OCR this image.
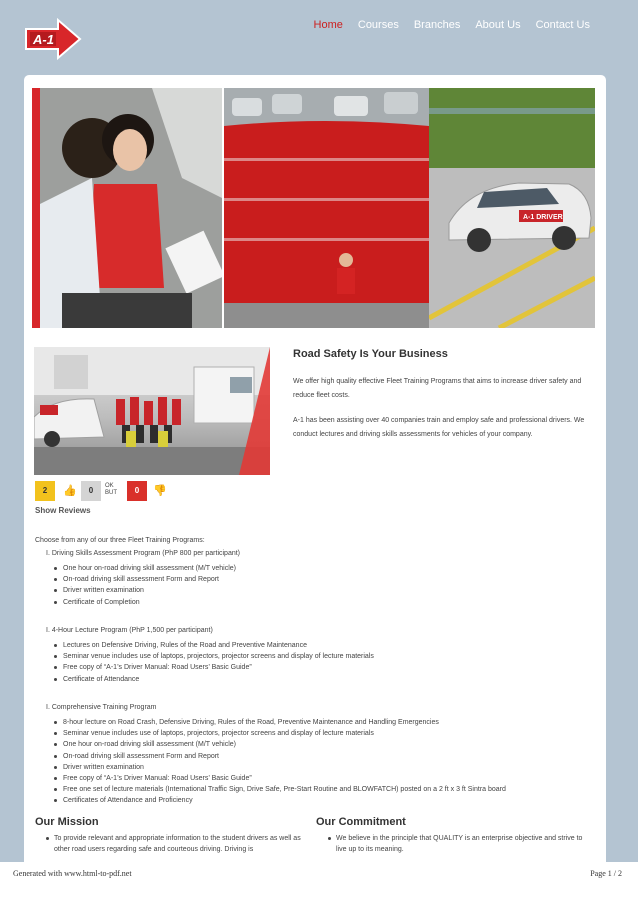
A-1
Home Courses Branches About Us Contact Us
A-1 DRIVER
Road Safety Is Your Business

We offer high quality effective Fleet Training Programs that aims to increase driver safety and reduce fleet costs.

A-1 has been assisting over 40 companies train and employ safe and professional drivers. We conduct lectures and driving skills assessments for vehicles of your company.

2	👍	0	OK BUT	0	👎
Show Reviews

Choose from any of our three Fleet Training Programs:

I. Driving Skills Assessment Program (PhP 800 per participant)

One hour on-road driving skill assessment (M/T vehicle)
On-road driving skill assessment Form and Report
Driver written examination
Certificate of Completion

I. 4-Hour Lecture Program (PhP 1,500 per participant)

Lectures on Defensive Driving, Rules of the Road and Preventive Maintenance
Seminar venue includes use of laptops, projectors, projector screens and display of lecture materials
Free copy of “A-1’s Driver Manual: Road Users’ Basic Guide”
Certificate of Attendance

I. Comprehensive Training Program

8-hour lecture on Road Crash, Defensive Driving, Rules of the Road, Preventive Maintenance and Handling Emergencies
Seminar venue includes use of laptops, projectors, projector screens and display of lecture materials
One hour on-road driving skill assessment (M/T vehicle)
On-road driving skill assessment Form and Report
Driver written examination
Free copy of “A-1’s Driver Manual: Road Users’ Basic Guide”
Free one set of lecture materials (International Traffic Sign, Drive Safe, Pre-Start Routine and BLOWFATCH) posted on a 2 ft x 3 ft Sintra board
Certificates of Attendance and Proficiency
Our Mission

To provide relevant and appropriate information to the student drivers as well as other road users regarding safe and courteous driving. Driving is

Our Commitment

We believe in the principle that QUALITY is an enterprise objective and strive to live up to its meaning.

Generated with www.html-to-pdf.net	Page 1 / 2
